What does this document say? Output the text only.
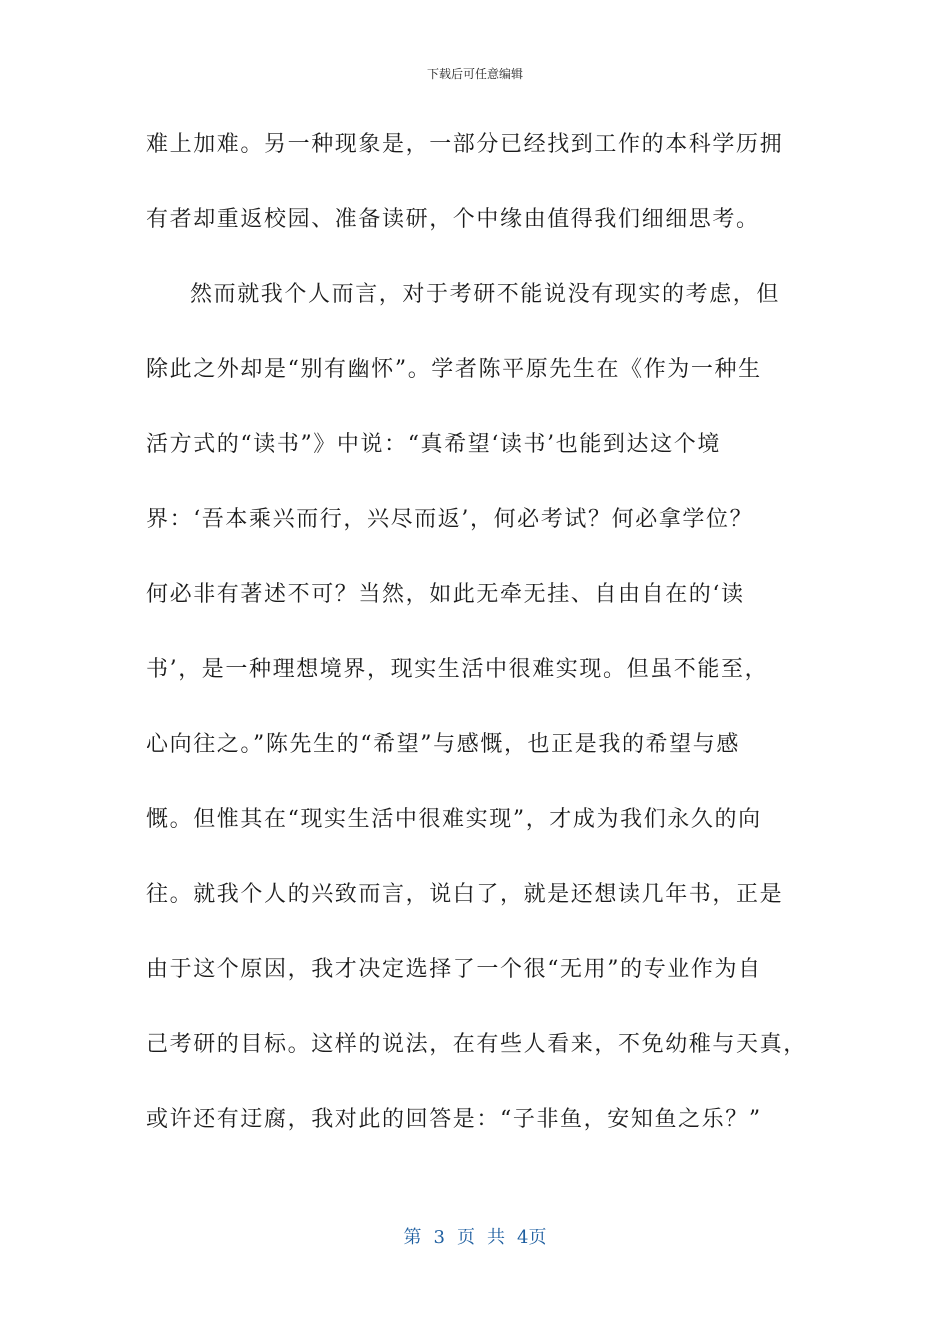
下载后可任意编辑
难上加难。另一种现象是，一部分已经找到工作的本科学历拥
有者却重返校园、准备读研，个中缘由值得我们细细思考。
然而就我个人而言，对于考研不能说没有现实的考虑，但
除此之外却是“别有幽怀”。学者陈平原先生在《作为一种生
活方式的“读书”》中说：“真希望‘读书’也能到达这个境
界：‘吾本乘兴而行，兴尽而返’，何必考试？何必拿学位？
何必非有著述不可？当然，如此无牵无挂、自由自在的‘读
书’，是一种理想境界，现实生活中很难实现。但虽不能至，
心向往之。”陈先生的“希望”与感慨，也正是我的希望与感
慨。但惟其在“现实生活中很难实现”，才成为我们永久的向
往。就我个人的兴致而言，说白了，就是还想读几年书，正是
由于这个原因，我才决定选择了一个很“无用”的专业作为自
己考研的目标。这样的说法，在有些人看来，不免幼稚与天真，
或许还有迂腐，我对此的回答是：“子非鱼，安知鱼之乐？”
第 3 页 共 4页
